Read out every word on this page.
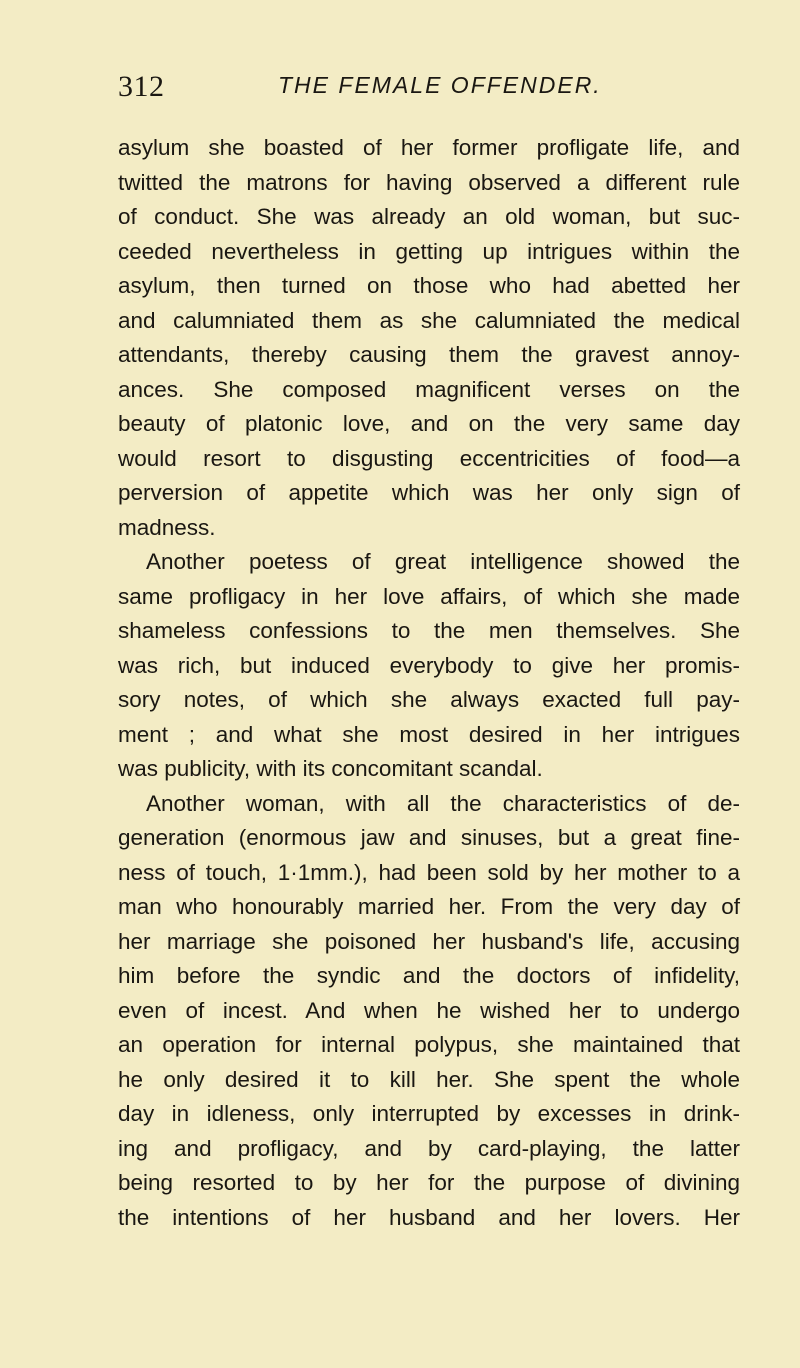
312	THE FEMALE OFFENDER.
asylum she boasted of her former profligate life, and
twitted the matrons for having observed a different rule
of conduct. She was already an old woman, but suc-
ceeded nevertheless in getting up intrigues within the
asylum, then turned on those who had abetted her
and calumniated them as she calumniated the medical
attendants, thereby causing them the gravest annoy-
ances. She composed magnificent verses on the
beauty of platonic love, and on the very same day
would resort to disgusting eccentricities of food—a
perversion of appetite which was her only sign of
madness.
Another poetess of great intelligence showed the
same profligacy in her love affairs, of which she made
shameless confessions to the men themselves. She
was rich, but induced everybody to give her promis-
sory notes, of which she always exacted full pay-
ment ; and what she most desired in her intrigues
was publicity, with its concomitant scandal.
Another woman, with all the characteristics of de-
generation (enormous jaw and sinuses, but a great fine-
ness of touch, 1·1mm.), had been sold by her mother to a
man who honourably married her. From the very day of
her marriage she poisoned her husband's life, accusing
him before the syndic and the doctors of infidelity,
even of incest. And when he wished her to undergo
an operation for internal polypus, she maintained that
he only desired it to kill her. She spent the whole
day in idleness, only interrupted by excesses in drink-
ing and profligacy, and by card-playing, the latter
being resorted to by her for the purpose of divining
the intentions of her husband and her lovers. Her
